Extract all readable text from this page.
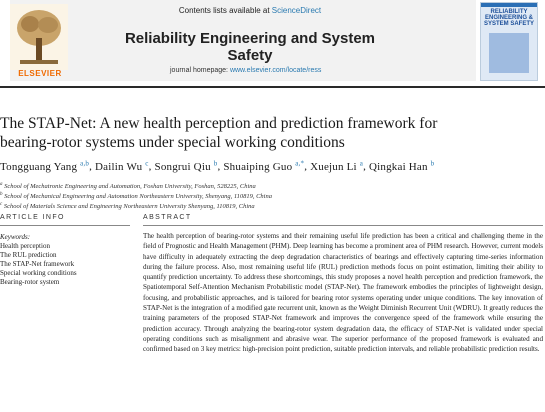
ELSEVIER
Contents lists available at ScienceDirect
Reliability Engineering and System Safety
journal homepage: www.elsevier.com/locate/ress
RELIABILITY ENGINEERING & SYSTEM SAFETY
The STAP-Net: A new health perception and prediction framework for
bearing-rotor systems under special working conditions
Tongguang Yang $^{a,b}$, Dailin Wu $^c$, Songrui Qiu $^b$, Shuaiping Guo $^{a,*}$, Xuejun Li $^a$, Qingkai Han $^b$
$^a$ School of Mechatronic Engineering and Automation, Foshan University, Foshan, 528225, China
$^b$ School of Mechanical Engineering and Automation Northeastern University, Shenyang, 110819, China
$^c$ School of Materials Science and Engineering Northeastern University Shenyang, 110819, China
ARTICLE INFO	ABSTRACT
Keywords:
Health perception
The RUL prediction
The STAP-Net framework
Special working conditions
Bearing-rotor system
The health perception of bearing-rotor systems and their remaining useful life prediction has been a critical and challenging theme in the field of Prognostic and Health Management (PHM). Deep learning has become a prominent area of PHM research. However, current models have difficulty in adequately extracting the deep degradation characteristics of bearings and effectively capturing time-series information during the failure process. Also, most remaining useful life (RUL) prediction methods focus on point estimation, limiting their ability to quantify prediction uncertainty. To address these shortcomings, this study proposes a novel health perception and prediction framework, the Spatiotemporal Self-Attention Mechanism Probabilistic model (STAP-Net). The framework embodies the principles of lightweight design, focusing, and probabilistic approaches, and is tailored for bearing rotor systems operating under unique conditions. The key innovation of STAP-Net is the integration of a modified gate recurrent unit, known as the Weight Diminish Recurrent Unit (WDRU). It greatly reduces the training parameters of the proposed STAP-Net framework and improves the convergence speed of the framework while ensuring the prediction accuracy. Through analyzing the bearing-rotor system degradation data, the efficacy of STAP-Net is validated under special operating conditions such as misalignment and abrasive wear. The superior performance of the proposed framework is evaluated and confirmed based on 3 key metrics: high-precision point prediction, suitable prediction intervals, and reliable probabilistic prediction results.
